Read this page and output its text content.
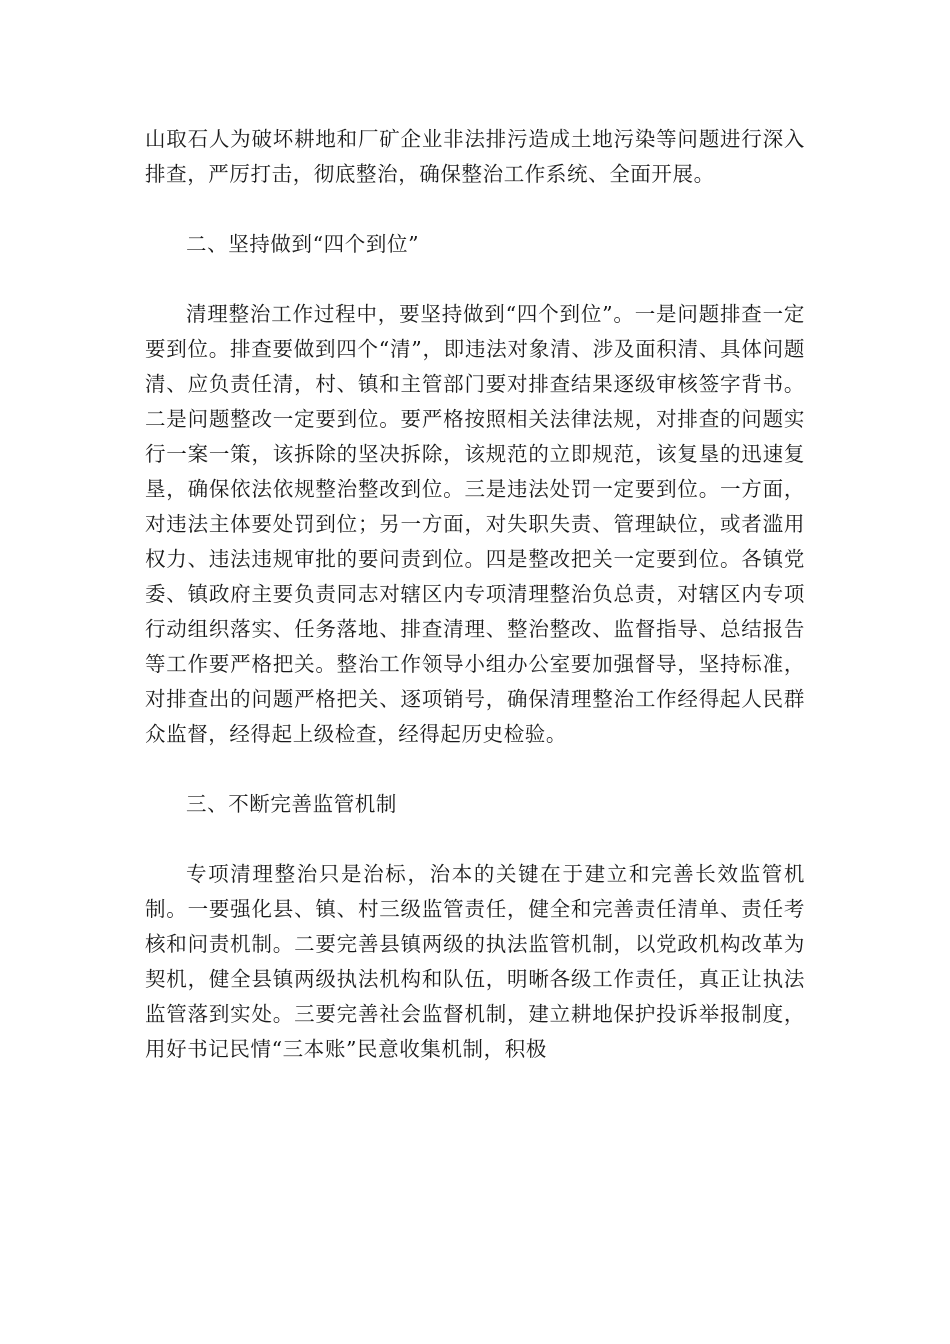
山取石人为破坏耕地和厂矿企业非法排污造成土地污染等问题进行深入排查，严厉打击，彻底整治，确保整治工作系统、全面开展。

二、坚持做到“四个到位”

清理整治工作过程中，要坚持做到“四个到位”。一是问题排查一定要到位。排查要做到四个“清”，即违法对象清、涉及面积清、具体问题清、应负责任清，村、镇和主管部门要对排查结果逐级审核签字背书。二是问题整改一定要到位。要严格按照相关法律法规，对排查的问题实行一案一策，该拆除的坚决拆除，该规范的立即规范，该复垦的迅速复垦，确保依法依规整治整改到位。三是违法处罚一定要到位。一方面，对违法主体要处罚到位；另一方面，对失职失责、管理缺位，或者滥用权力、违法违规审批的要问责到位。四是整改把关一定要到位。各镇党委、镇政府主要负责同志对辖区内专项清理整治负总责，对辖区内专项行动组织落实、任务落地、排查清理、整治整改、监督指导、总结报告等工作要严格把关。整治工作领导小组办公室要加强督导，坚持标准，对排查出的问题严格把关、逐项销号，确保清理整治工作经得起人民群众监督，经得起上级检查，经得起历史检验。

三、不断完善监管机制

专项清理整治只是治标，治本的关键在于建立和完善长效监管机制。一要强化县、镇、村三级监管责任，健全和完善责任清单、责任考核和问责机制。二要完善县镇两级的执法监管机制，以党政机构改革为契机，健全县镇两级执法机构和队伍，明晰各级工作责任，真正让执法监管落到实处。三要完善社会监督机制，建立耕地保护投诉举报制度，用好书记民情“三本账”民意收集机制，积极
